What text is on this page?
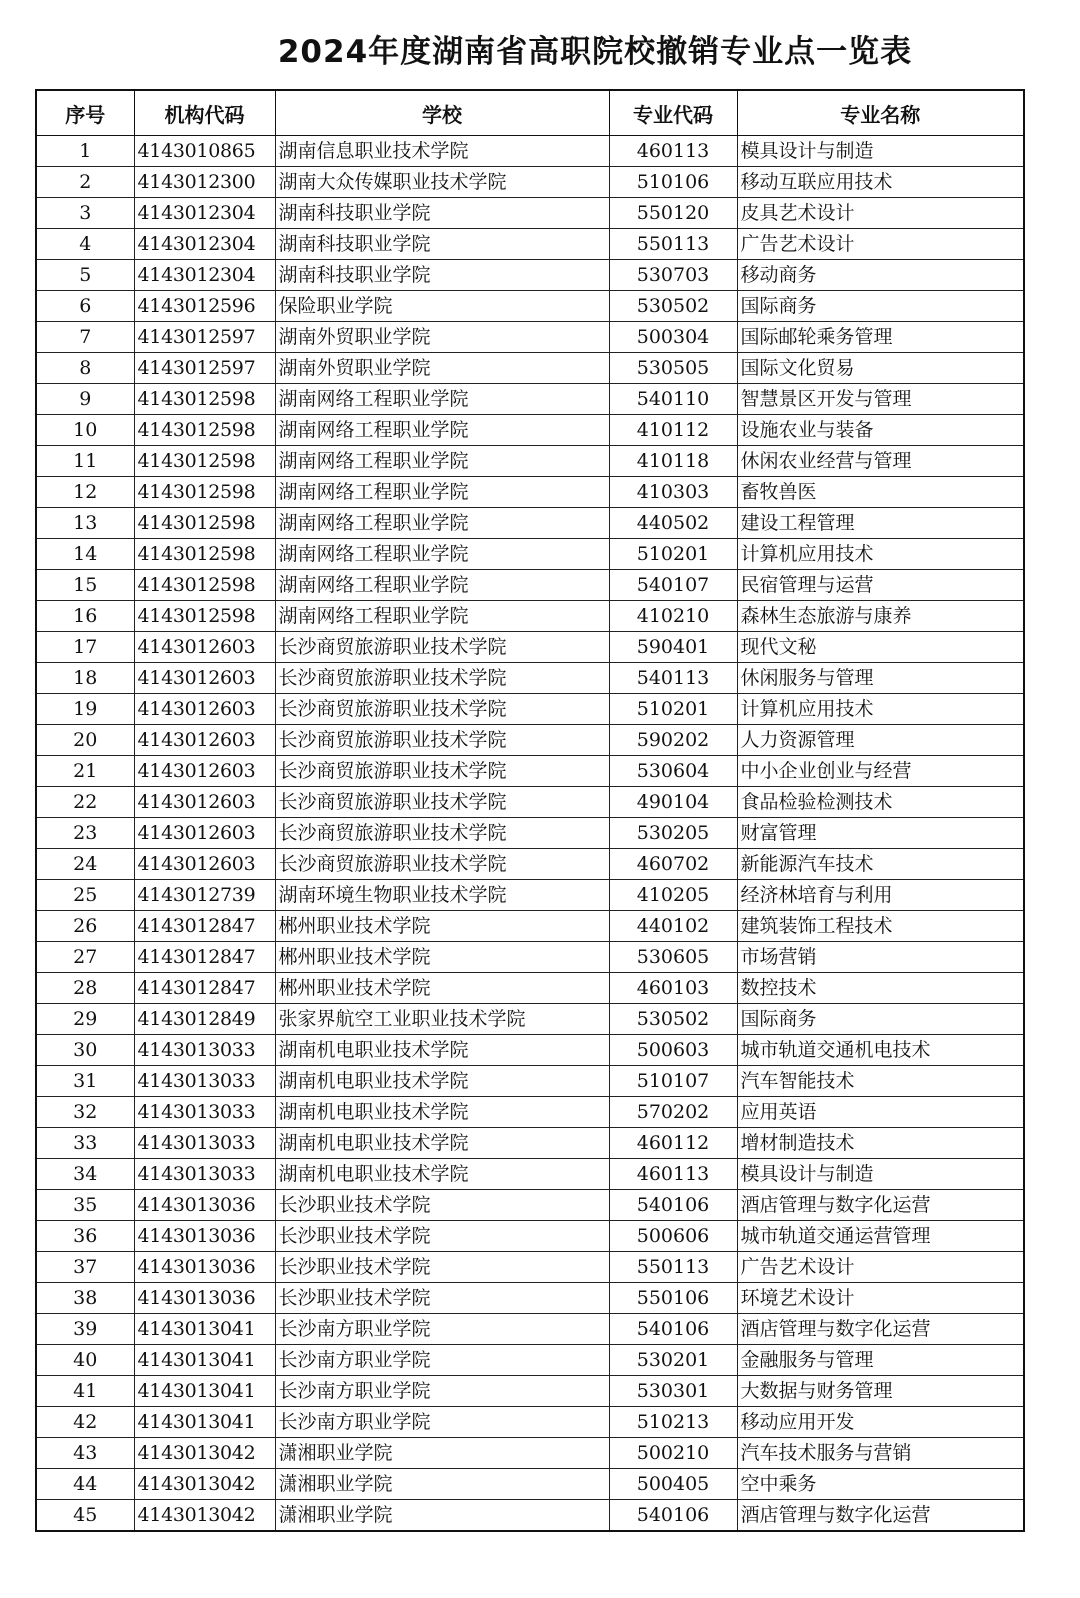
2024年度湖南省高职院校撤销专业点一览表
序号	机构代码	学校	专业代码	专业名称
1	4143010865	湖南信息职业技术学院	460113	模具设计与制造
2	4143012300	湖南大众传媒职业技术学院	510106	移动互联应用技术
3	4143012304	湖南科技职业学院	550120	皮具艺术设计
4	4143012304	湖南科技职业学院	550113	广告艺术设计
5	4143012304	湖南科技职业学院	530703	移动商务
6	4143012596	保险职业学院	530502	国际商务
7	4143012597	湖南外贸职业学院	500304	国际邮轮乘务管理
8	4143012597	湖南外贸职业学院	530505	国际文化贸易
9	4143012598	湖南网络工程职业学院	540110	智慧景区开发与管理
10	4143012598	湖南网络工程职业学院	410112	设施农业与装备
11	4143012598	湖南网络工程职业学院	410118	休闲农业经营与管理
12	4143012598	湖南网络工程职业学院	410303	畜牧兽医
13	4143012598	湖南网络工程职业学院	440502	建设工程管理
14	4143012598	湖南网络工程职业学院	510201	计算机应用技术
15	4143012598	湖南网络工程职业学院	540107	民宿管理与运营
16	4143012598	湖南网络工程职业学院	410210	森林生态旅游与康养
17	4143012603	长沙商贸旅游职业技术学院	590401	现代文秘
18	4143012603	长沙商贸旅游职业技术学院	540113	休闲服务与管理
19	4143012603	长沙商贸旅游职业技术学院	510201	计算机应用技术
20	4143012603	长沙商贸旅游职业技术学院	590202	人力资源管理
21	4143012603	长沙商贸旅游职业技术学院	530604	中小企业创业与经营
22	4143012603	长沙商贸旅游职业技术学院	490104	食品检验检测技术
23	4143012603	长沙商贸旅游职业技术学院	530205	财富管理
24	4143012603	长沙商贸旅游职业技术学院	460702	新能源汽车技术
25	4143012739	湖南环境生物职业技术学院	410205	经济林培育与利用
26	4143012847	郴州职业技术学院	440102	建筑装饰工程技术
27	4143012847	郴州职业技术学院	530605	市场营销
28	4143012847	郴州职业技术学院	460103	数控技术
29	4143012849	张家界航空工业职业技术学院	530502	国际商务
30	4143013033	湖南机电职业技术学院	500603	城市轨道交通机电技术
31	4143013033	湖南机电职业技术学院	510107	汽车智能技术
32	4143013033	湖南机电职业技术学院	570202	应用英语
33	4143013033	湖南机电职业技术学院	460112	增材制造技术
34	4143013033	湖南机电职业技术学院	460113	模具设计与制造
35	4143013036	长沙职业技术学院	540106	酒店管理与数字化运营
36	4143013036	长沙职业技术学院	500606	城市轨道交通运营管理
37	4143013036	长沙职业技术学院	550113	广告艺术设计
38	4143013036	长沙职业技术学院	550106	环境艺术设计
39	4143013041	长沙南方职业学院	540106	酒店管理与数字化运营
40	4143013041	长沙南方职业学院	530201	金融服务与管理
41	4143013041	长沙南方职业学院	530301	大数据与财务管理
42	4143013041	长沙南方职业学院	510213	移动应用开发
43	4143013042	潇湘职业学院	500210	汽车技术服务与营销
44	4143013042	潇湘职业学院	500405	空中乘务
45	4143013042	潇湘职业学院	540106	酒店管理与数字化运营
